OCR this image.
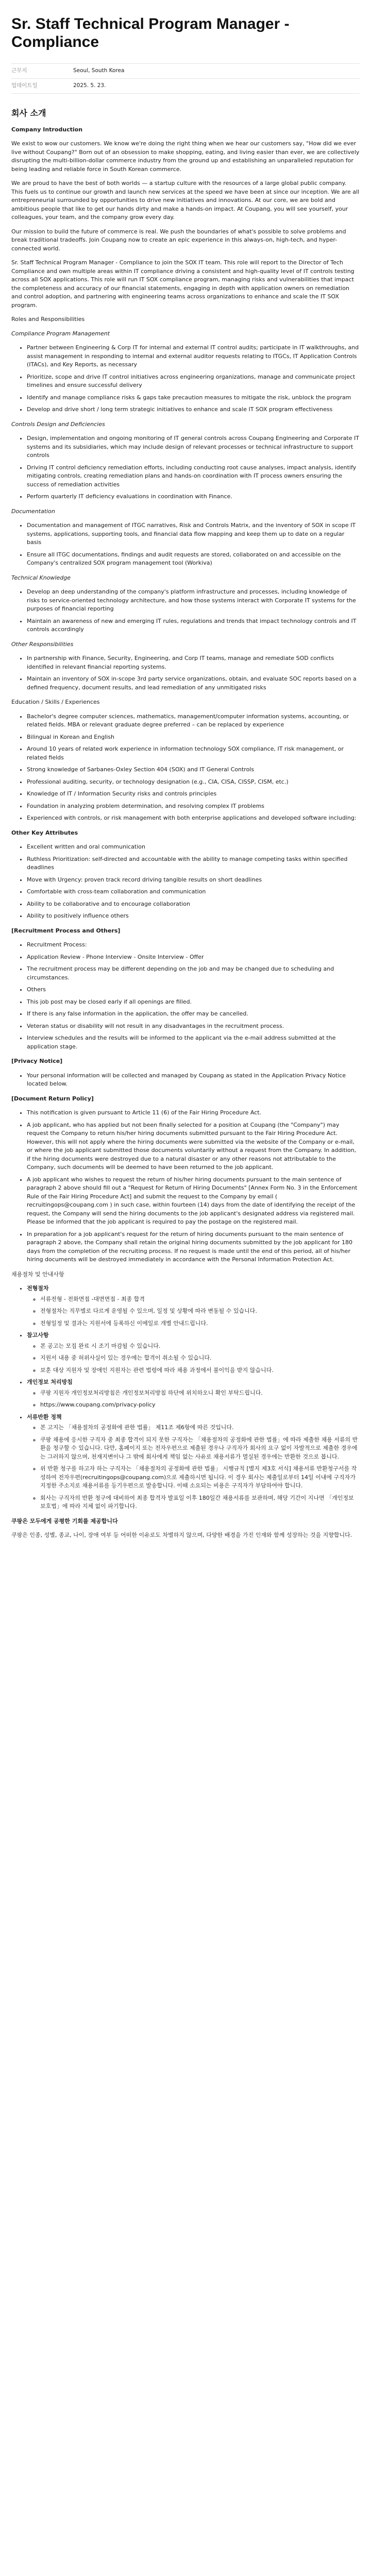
Sr. Staff Technical Program Manager - Compliance
근무지	Seoul, South Korea
업데이트일	2025. 5. 23.
회사 소개

Company Introduction

We exist to wow our customers. We know we're doing the right thing when we hear our customers say, "How did we ever live without Coupang?" Born out of an obsession to make shopping, eating, and living easier than ever, we are collectively disrupting the multi-billion-dollar commerce industry from the ground up and establishing an unparalleled reputation for being leading and reliable force in South Korean commerce.

We are proud to have the best of both worlds — a startup culture with the resources of a large global public company. This fuels us to continue our growth and launch new services at the speed we have been at since our inception. We are all entrepreneurial surrounded by opportunities to drive new initiatives and innovations. At our core, we are bold and ambitious people that like to get our hands dirty and make a hands-on impact. At Coupang, you will see yourself, your colleagues, your team, and the company grow every day.

Our mission to build the future of commerce is real. We push the boundaries of what's possible to solve problems and break traditional tradeoffs. Join Coupang now to create an epic experience in this always-on, high-tech, and hyper-connected world.

Sr. Staff Technical Program Manager - Compliance to join the SOX IT team. This role will report to the Director of Tech Compliance and own multiple areas within IT compliance driving a consistent and high-quality level of IT controls testing across all SOX applications. This role will run IT SOX compliance program, managing risks and vulnerabilities that impact the completeness and accuracy of our financial statements, engaging in depth with application owners on remediation and control adoption, and partnering with engineering teams across organizations to enhance and scale the IT SOX program.

Roles and Responsibilities

Compliance Program Management

• Partner between Engineering & Corp IT for internal and external IT control audits; participate in IT walkthroughs, and assist management in responding to internal and external auditor requests relating to ITGCs, IT Application Controls (ITACs), and Key Reports, as necessary
• Prioritize, scope and drive IT control initiatives across engineering organizations, manage and communicate project timelines and ensure successful delivery
• Identify and manage compliance risks & gaps take precaution measures to mitigate the risk, unblock the program
• Develop and drive short / long term strategic initiatives to enhance and scale IT SOX program effectiveness

Controls Design and Deficiencies

• Design, implementation and ongoing monitoring of IT general controls across Coupang Engineering and Corporate IT systems and its subsidiaries, which may include design of relevant processes or technical infrastructure to support controls
• Driving IT control deficiency remediation efforts, including conducting root cause analyses, impact analysis, identify mitigating controls, creating remediation plans and hands-on coordination with IT process owners ensuring the success of remediation activities
• Perform quarterly IT deficiency evaluations in coordination with Finance.

Documentation

• Documentation and management of ITGC narratives, Risk and Controls Matrix, and the inventory of SOX in scope IT systems, applications, supporting tools, and financial data flow mapping and keep them up to date on a regular basis
• Ensure all ITGC documentations, findings and audit requests are stored, collaborated on and accessible on the Company's centralized SOX program management tool (Workiva)

Technical Knowledge

• Develop an deep understanding of the company's platform infrastructure and processes, including knowledge of risks to service-oriented technology architecture, and how those systems interact with Corporate IT systems for the purposes of financial reporting
• Maintain an awareness of new and emerging IT rules, regulations and trends that impact technology controls and IT controls accordingly

Other Responsibilities

• In partnership with Finance, Security, Engineering, and Corp IT teams, manage and remediate SOD conflicts identified in relevant financial reporting systems.
• Maintain an inventory of SOX in-scope 3rd party service organizations, obtain, and evaluate SOC reports based on a defined frequency, document results, and lead remediation of any unmitigated risks

Education / Skills / Experiences

• Bachelor's degree computer sciences, mathematics, management/computer information systems, accounting, or related fields. MBA or relevant graduate degree preferred – can be replaced by experience
• Bilingual in Korean and English
• Around 10 years of related work experience in information technology SOX compliance, IT risk management, or related fields
• Strong knowledge of Sarbanes-Oxley Section 404 (SOX) and IT General Controls
• Professional auditing, security, or technology designation (e.g., CIA, CISA, CISSP, CISM, etc.)
• Knowledge of IT / Information Security risks and controls principles
• Foundation in analyzing problem determination, and resolving complex IT problems
• Experienced with controls, or risk management with both enterprise applications and developed software including:

Other Key Attributes

• Excellent written and oral communication
• Ruthless Prioritization: self-directed and accountable with the ability to manage competing tasks within specified deadlines
• Move with Urgency: proven track record driving tangible results on short deadlines
• Comfortable with cross-team collaboration and communication
• Ability to be collaborative and to encourage collaboration
• Ability to positively influence others

[Recruitment Process and Others]

• Recruitment Process:
• Application Review - Phone Interview - Onsite Interview - Offer
• The recruitment process may be different depending on the job and may be changed due to scheduling and circumstances.
• Others
• This job post may be closed early if all openings are filled.
• If there is any false information in the application, the offer may be cancelled.
• Veteran status or disability will not result in any disadvantages in the recruitment process.
• Interview schedules and the results will be informed to the applicant via the e-mail address submitted at the application stage.

[Privacy Notice]

• Your personal information will be collected and managed by Coupang as stated in the Application Privacy Notice located below.

[Document Return Policy]

• This notification is given pursuant to Article 11 (6) of the Fair Hiring Procedure Act.
• A job applicant, who has applied but not been finally selected for a position at Coupang (the "Company") may request the Company to return his/her hiring documents submitted pursuant to the Fair Hiring Procedure Act. However, this will not apply where the hiring documents were submitted via the website of the Company or e-mail, or where the job applicant submitted those documents voluntarily without a request from the Company. In addition, if the hiring documents were destroyed due to a natural disaster or any other reasons not attributable to the Company, such documents will be deemed to have been returned to the job applicant.
• A job applicant who wishes to request the return of his/her hiring documents pursuant to the main sentence of paragraph 2 above should fill out a "Request for Return of Hiring Documents" [Annex Form No. 3 in the Enforcement Rule of the Fair Hiring Procedure Act] and submit the request to the Company by email ( recruitingops@coupang.com ) in such case, within fourteen (14) days from the date of identifying the receipt of the request, the Company will send the hiring documents to the job applicant's designated address via registered mail. Please be informed that the job applicant is required to pay the postage on the registered mail.
• In preparation for a job applicant's request for the return of hiring documents pursuant to the main sentence of paragraph 2 above, the Company shall retain the original hiring documents submitted by the job applicant for 180 days from the completion of the recruiting process. If no request is made until the end of this period, all of his/her hiring documents will be destroyed immediately in accordance with the Personal Information Protection Act.

채용절차 및 안내사항

• 전형절차
◦ 서류전형 - 전화면접 -대면면접 - 최종 합격
◦ 전형절차는 직무별로 다르게 운영될 수 있으며, 일정 및 상황에 따라 변동될 수 있습니다.
◦ 전형일정 및 결과는 지원서에 등록하신 이메일로 개별 안내드립니다.
• 참고사항
◦ 본 공고는 모집 완료 시 조기 마감될 수 있습니다.
◦ 지원서 내용 중 허위사실이 있는 경우에는 합격이 취소될 수 있습니다.
◦ 보훈 대상 지원자 및 장애인 지원자는 관련 법령에 따라 채용 과정에서 불이익을 받지 않습니다.
• 개인정보 처리방침
◦ 쿠팡 지원자 개인정보처리방침은 개인정보처리방침 하단에 위치하오니 확인 부탁드립니다.
◦ https://www.coupang.com/privacy-policy
• 서류반환 정책
◦ 본 고지는 「채용절차의 공정화에 관한 법률」 제11조 제6항에 따른 것입니다.
◦ 쿠팡 채용에 응시한 구직자 중 최종 합격이 되지 못한 구직자는 「채용절차의 공정화에 관한 법률」에 따라 제출한 채용 서류의 반환을 청구할 수 있습니다. 다만, 홈페이지 또는 전자우편으로 제출된 경우나 구직자가 회사의 요구 없이 자발적으로 제출한 경우에는 그러하지 않으며, 천재지변이나 그 밖에 회사에게 책임 없는 사유로 채용서류가 멸실된 경우에는 반환한 것으로 봅니다.
◦ 위 반환 청구를 하고자 하는 구직자는 「채용절차의 공정화에 관한 법률」 시행규칙 [별지 제3호 서식] 채용서류 반환청구서를 작성하여 전자우편(recruitingops@coupang.com)으로 제출하시면 됩니다. 이 경우 회사는 제출일로부터 14일 이내에 구직자가 지정한 주소지로 채용서류를 등기우편으로 발송합니다. 이때 소요되는 비용은 구직자가 부담하여야 합니다.
◦ 회사는 구직자의 반환 청구에 대비하여 최종 합격자 발표일 이후 180일간 채용서류를 보관하며, 해당 기간이 지나면 「개인정보 보호법」에 따라 지체 없이 파기합니다.

쿠팡은 모두에게 공평한 기회를 제공합니다

쿠팡은 인종, 성별, 종교, 나이, 장애 여부 등 어떠한 이유로도 차별하지 않으며, 다양한 배경을 가진 인재와 함께 성장하는 것을 지향합니다.
